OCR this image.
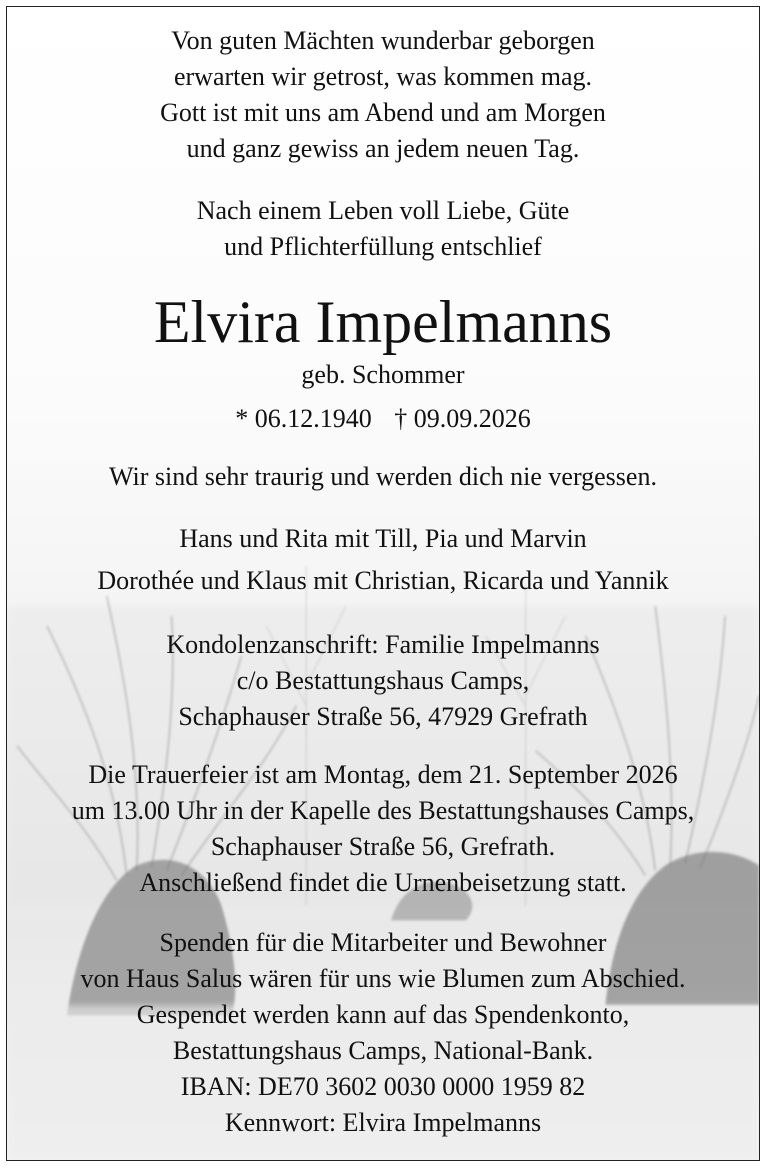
Von guten Mächten wunderbar geborgen
erwarten wir getrost, was kommen mag.
Gott ist mit uns am Abend und am Morgen
und ganz gewiss an jedem neuen Tag.
Nach einem Leben voll Liebe, Güte
und Pflichterfüllung entschlief
Elvira Impelmanns
geb. Schommer
* 06.12.1940 † 09.09.2026
Wir sind sehr traurig und werden dich nie vergessen.
Hans und Rita mit Till, Pia und Marvin
Dorothée und Klaus mit Christian, Ricarda und Yannik
Kondolenzanschrift: Familie Impelmanns
c/o Bestattungshaus Camps,
Schaphauser Straße 56, 47929 Grefrath
Die Trauerfeier ist am Montag, dem 21. September 2026
um 13.00 Uhr in der Kapelle des Bestattungshauses Camps,
Schaphauser Straße 56, Grefrath.
Anschließend findet die Urnenbeisetzung statt.
Spenden für die Mitarbeiter und Bewohner
von Haus Salus wären für uns wie Blumen zum Abschied.
Gespendet werden kann auf das Spendenkonto,
Bestattungshaus Camps, National-Bank.
IBAN: DE70 3602 0030 0000 1959 82
Kennwort: Elvira Impelmanns
